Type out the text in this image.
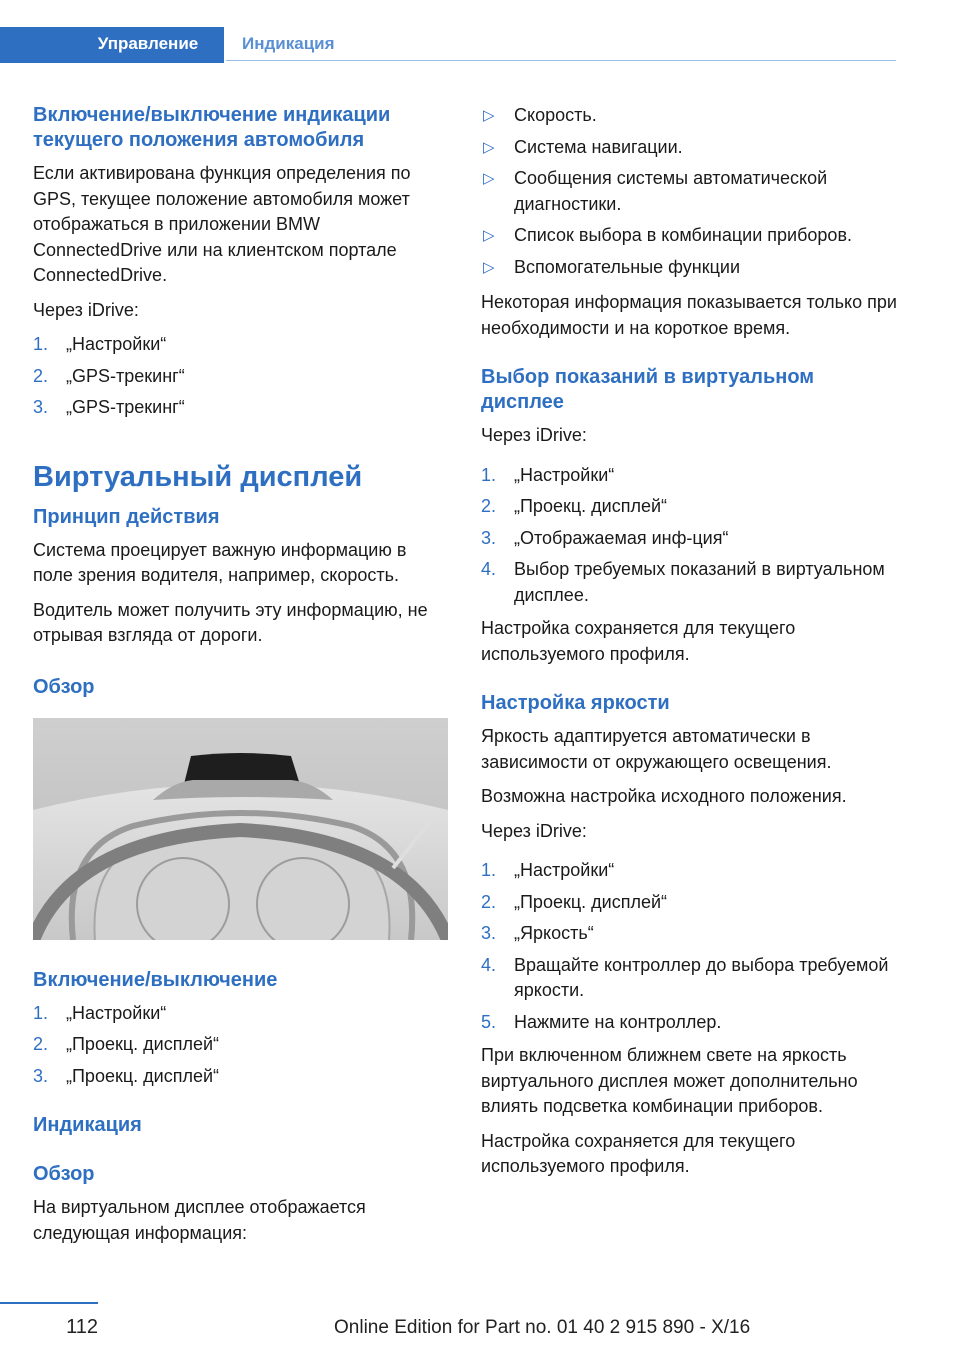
Управление	Индикация
Включение/выключение индикации текущего положения автомобиля

Если активирована функция определения по GPS, текущее положение автомобиля может отображаться в приложении BMW ConnectedDrive или на клиентском портале ConnectedDrive.

Через iDrive:

1. „Настройки“
2. „GPS-трекинг“
3. „GPS-трекинг“
Виртуальный дисплей
Принцип действия

Система проецирует важную информацию в поле зрения водителя, например, скорость.

Водитель может получить эту информацию, не отрывая взгляда от дороги.

Обзор
Включение/выключение
1. „Настройки“
2. „Проекц. дисплей“
3. „Проекц. дисплей“
Индикация
Обзор

На виртуальном дисплее отображается следующая информация:

▷ Скорость.
▷ Система навигации.
▷ Сообщения системы автоматической диагностики.
▷ Список выбора в комбинации приборов.
▷ Вспомогательные функции

Некоторая информация показывается только при необходимости и на короткое время.

Выбор показаний в виртуальном дисплее

Через iDrive:

1. „Настройки“
2. „Проекц. дисплей“
3. „Отображаемая инф-ция“
4. Выбор требуемых показаний в виртуальном дисплее.

Настройка сохраняется для текущего используемого профиля.

Настройка яркости

Яркость адаптируется автоматически в зависимости от окружающего освещения.

Возможна настройка исходного положения.

Через iDrive:

1. „Настройки“
2. „Проекц. дисплей“
3. „Яркость“
4. Вращайте контроллер до выбора требуемой яркости.
5. Нажмите на контроллер.

При включенном ближнем свете на яркость виртуального дисплея может дополнительно влиять подсветка комбинации приборов.

Настройка сохраняется для текущего используемого профиля.

112	Online Edition for Part no. 01 40 2 915 890 - X/16
